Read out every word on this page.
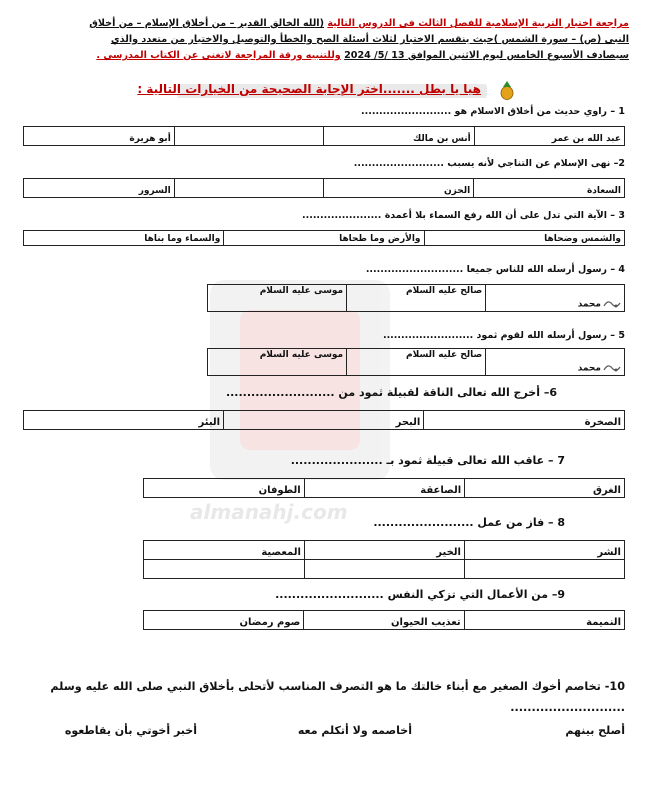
almanahj.com
مراجعة اختبار التربية الإسلامية للفصل الثالث في الدروس التالية (الله الخالق القدير – من أخلاق الإسلام – من أخلاق
النبي (ص) – سورة الشمس )حيث ينقسم الاختبار لثلاث أسئلة الصح والخطأ والتوصيل والاختيار من متعدد والذي
سيصادف الأسبوع الخامس ليوم الاثنين الموافق 13 /5/ 2024 وللتنبيه ورقة المراجعة لاتغني عن الكتاب المدرسي .
هيا يا بطل .......اختر الإجابة الصحيحة من الخيارات التالية :
1 – راوي حديث من أخلاق الاسلام هو .........................
عبد الله بن عمر	أنس بن مالك		أبو هريرة
2– نهى الإسلام عن التناجي لأنه يسبب .........................
السعادة	الحزن		السرور
3 – الآية التي تدل على أن الله رفع السماء بلا أعمدة ......................
والشمس وضحاها	والأرض وما طحاها	والسماء وما بناها
4 – رسول أرسله الله للناس جميعا ...........................
محمد	صالح عليه السلام	موسى عليه السلام
5 – رسول أرسله الله لقوم ثمود .........................
محمد	صالح عليه السلام	موسى عليه السلام
6– أخرج الله تعالى الناقة لقبيلة ثمود من ..........................
الصخرة	البحر	البئر
7 – عاقب الله تعالى قبيلة ثمود بـ ......................
الغرق	الصاعقة	الطوفان
8 – فاز من عمل ........................
الشر	الخير	المعصية

9– من الأعمال التي تزكي النفس ..........................
النميمة	تعذيب الحيوان	صوم رمضان
10- تخاصم أخوك الصغير مع أبناء خالتك ما هو التصرف المناسب لأتحلى بأخلاق النبي صلى الله عليه وسلم ...........................
أصلح بينهم
أخاصمه ولا أتكلم معه
أخبر أخوتي بأن يقاطعوه
